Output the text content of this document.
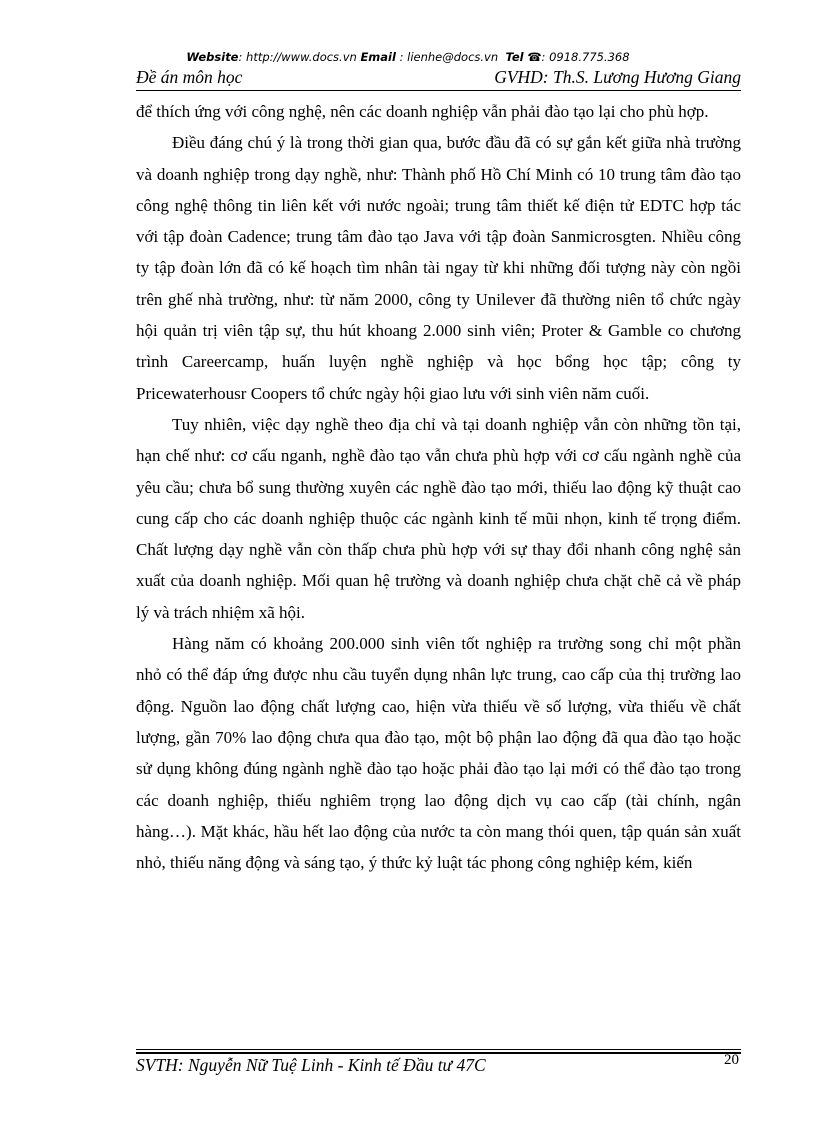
Website: http://www.docs.vn Email : lienhe@docs.vn Tel ☎: 0918.775.368
Đề án môn học	GVHD: Th.S. Lương Hương Giang

để thích ứng với công nghệ, nên các doanh nghiệp vẫn phải đào tạo lại cho phù hợp.

Điều đáng chú ý là trong thời gian qua, bước đầu đã có sự gắn kết giữa nhà trường và doanh nghiệp trong dạy nghề, như: Thành phố Hồ Chí Minh có 10 trung tâm đào tạo công nghệ thông tin liên kết với nước ngoài; trung tâm thiết kế điện tử EDTC hợp tác với tập đoàn Cadence; trung tâm đào tạo Java với tập đoàn Sanmicrosgten. Nhiều công ty tập đoàn lớn đã có kế hoạch tìm nhân tài ngay từ khi những đối tượng này còn ngồi trên ghế nhà trường, như: từ năm 2000, công ty Unilever đã thường niên tổ chức ngày hội quản trị viên tập sự, thu hút khoang 2.000 sinh viên; Proter & Gamble co chương trình Careercamp, huấn luyện nghề nghiệp và học bổng học tập; công ty Pricewaterhousr Coopers tổ chức ngày hội giao lưu với sinh viên năm cuối.

Tuy nhiên, việc dạy nghề theo địa chỉ và tại doanh nghiệp vẫn còn những tồn tại, hạn chế như: cơ cấu nganh, nghề đào tạo vẫn chưa phù hợp với cơ cấu ngành nghề của yêu cầu; chưa bổ sung thường xuyên các nghề đào tạo mới, thiếu lao động kỹ thuật cao cung cấp cho các doanh nghiệp thuộc các ngành kinh tế mũi nhọn, kinh tế trọng điểm. Chất lượng dạy nghề vẫn còn thấp chưa phù hợp với sự thay đổi nhanh công nghệ sản xuất của doanh nghiệp. Mối quan hệ trường và doanh nghiệp chưa chặt chẽ cả về pháp lý và trách nhiệm xã hội.

Hàng năm có khoảng 200.000 sinh viên tốt nghiệp ra trường song chỉ một phần nhỏ có thể đáp ứng được nhu cầu tuyển dụng nhân lực trung, cao cấp của thị trường lao động. Nguồn lao động chất lượng cao, hiện vừa thiếu về số lượng, vừa thiếu về chất lượng, gần 70% lao động chưa qua đào tạo, một bộ phận lao động đã qua đào tạo hoặc sử dụng không đúng ngành nghề đào tạo hoặc phải đào tạo lại mới có thể đào tạo trong các doanh nghiệp, thiếu nghiêm trọng lao động dịch vụ cao cấp (tài chính, ngân hàng…). Mặt khác, hầu hết lao động của nước ta còn mang thói quen, tập quán sản xuất nhỏ, thiếu năng động và sáng tạo, ý thức kỷ luật tác phong công nghiệp kém, kiến

SVTH: Nguyễn Nữ Tuệ Linh - Kinh tế Đầu tư 47C	20
